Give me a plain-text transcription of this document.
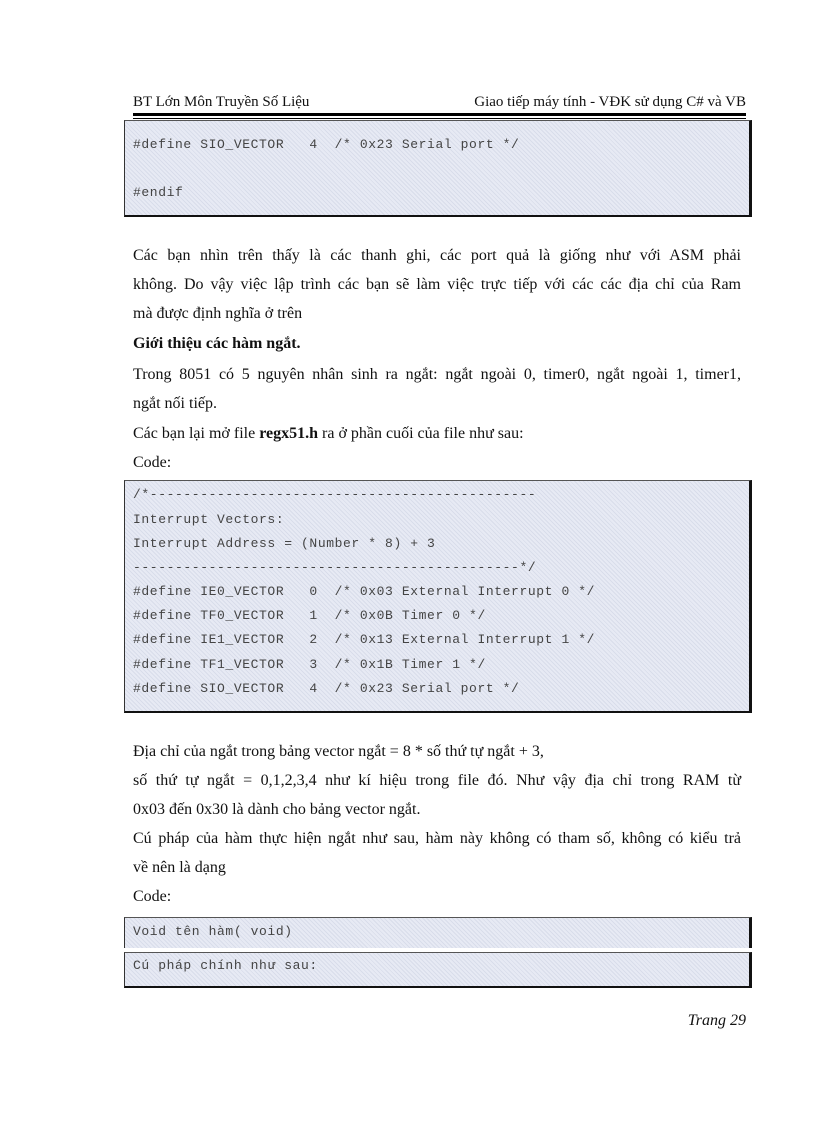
BT Lớn Môn Truyền Số Liệu	Giao tiếp máy tính - VĐK sử dụng C# và VB
#define SIO_VECTOR   4  /* 0x23 Serial port */
#endif
Các bạn nhìn trên thấy là các thanh ghi, các port quả là giống như với ASM phải
không. Do vậy việc lập trình các bạn sẽ làm việc trực tiếp với các các địa chỉ của Ram
mà được định nghĩa ở trên
Giới thiệu các hàm ngắt.
Trong 8051 có 5 nguyên nhân sinh ra ngắt: ngắt ngoài 0, timer0, ngắt ngoài 1, timer1,
ngắt nối tiếp.
Các bạn lại mở file regx51.h ra ở phần cuối của file như sau:
Code:
/*----------------------------------------------
Interrupt Vectors:
Interrupt Address = (Number * 8) + 3
----------------------------------------------*/
#define IE0_VECTOR   0  /* 0x03 External Interrupt 0 */
#define TF0_VECTOR   1  /* 0x0B Timer 0 */
#define IE1_VECTOR   2  /* 0x13 External Interrupt 1 */
#define TF1_VECTOR   3  /* 0x1B Timer 1 */
#define SIO_VECTOR   4  /* 0x23 Serial port */
Địa chỉ của ngắt trong bảng vector ngắt = 8 * số thứ tự ngắt + 3,
số thứ tự ngắt = 0,1,2,3,4 như kí hiệu trong file đó. Như vậy địa chỉ trong RAM từ
0x03 đến 0x30 là dành cho bảng vector ngắt.
Cú pháp của hàm thực hiện ngắt như sau, hàm này không có tham số, không có kiểu trả
về nên là dạng
Code:
Void tên hàm( void)
Cú pháp chính như sau:
Trang 29
